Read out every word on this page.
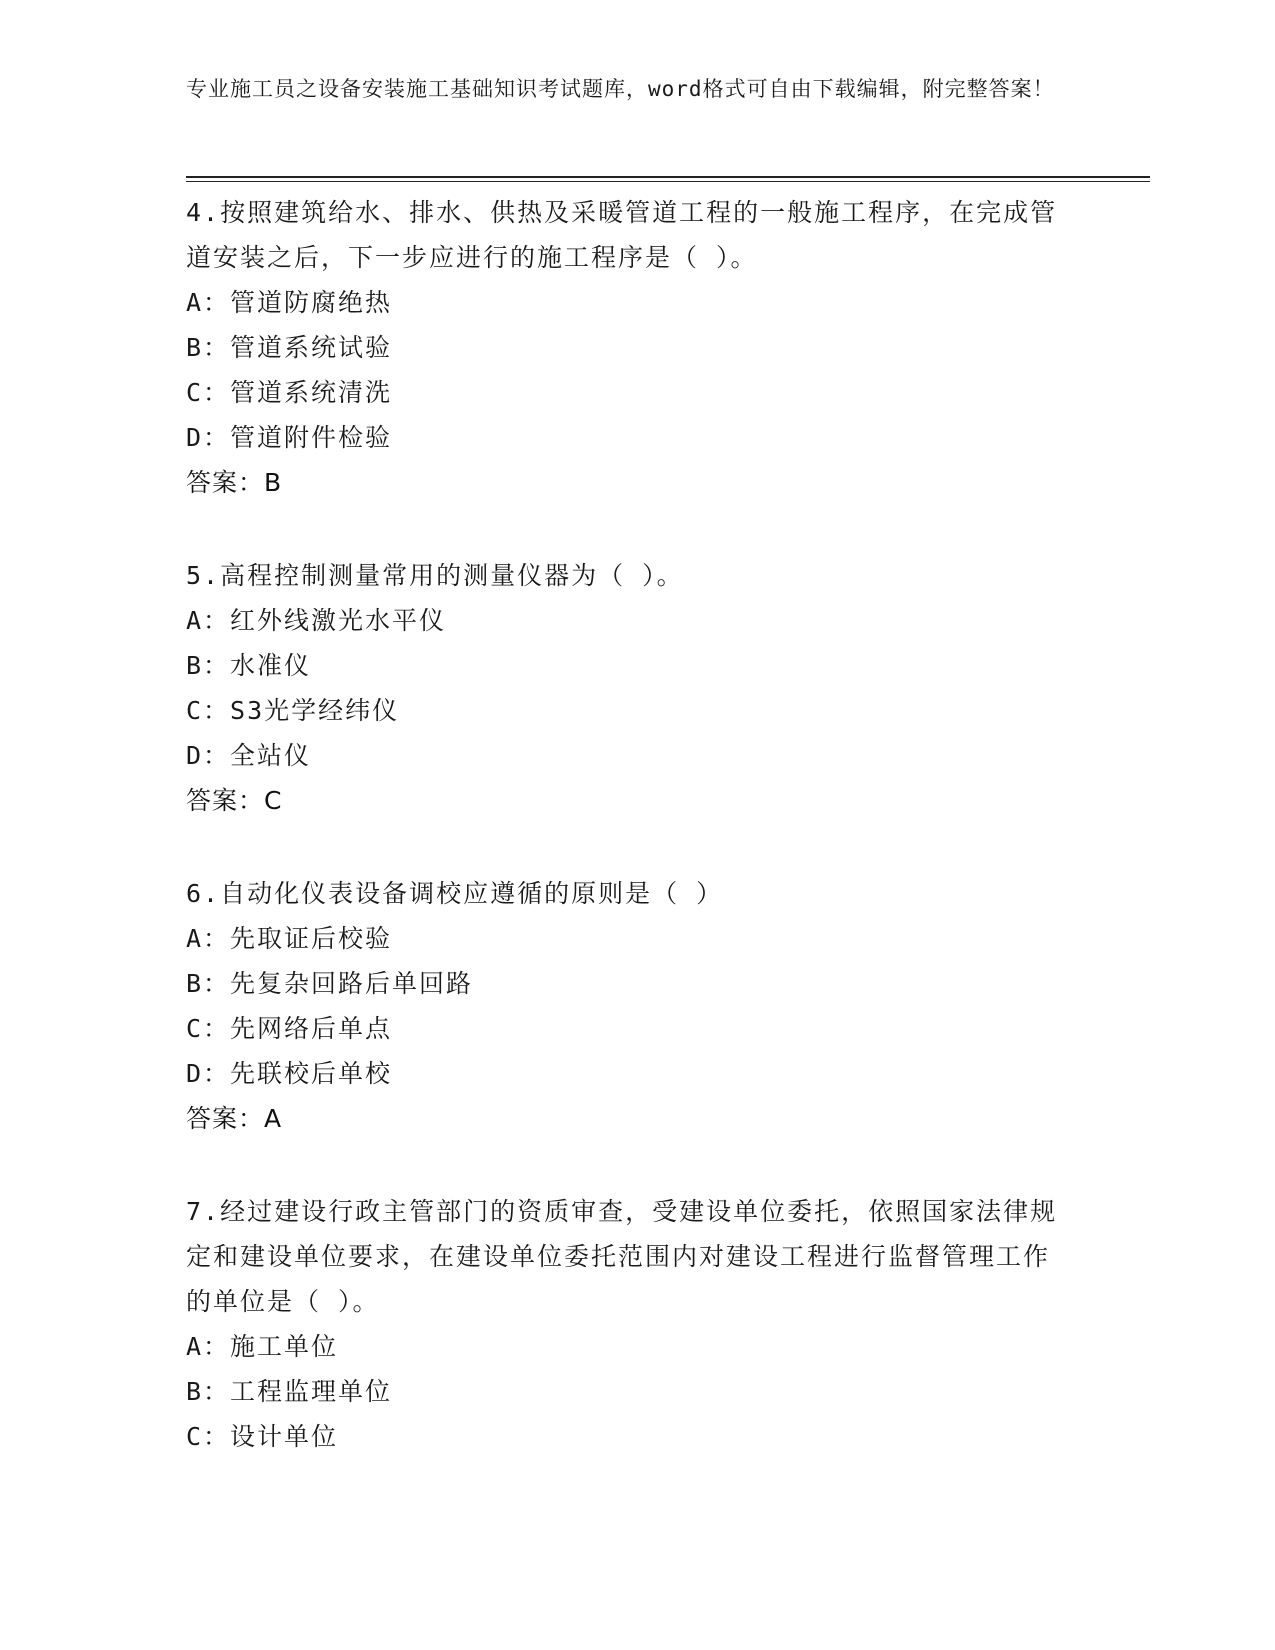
专业施工员之设备安装施工基础知识考试题库，word格式可自由下载编辑，附完整答案！

4.按照建筑给水、排水、供热及采暖管道工程的一般施工程序，在完成管道安装之后，下一步应进行的施工程序是（ ）。

A：管道防腐绝热

B：管道系统试验

C：管道系统清洗

D：管道附件检验

答案：B

5.高程控制测量常用的测量仪器为（ ）。

A：红外线激光水平仪

B：水准仪

C：S3光学经纬仪

D：全站仪

答案：C

6.自动化仪表设备调校应遵循的原则是（ ）

A：先取证后校验

B：先复杂回路后单回路

C：先网络后单点

D：先联校后单校

答案：A

7.经过建设行政主管部门的资质审查，受建设单位委托，依照国家法律规定和建设单位要求，在建设单位委托范围内对建设工程进行监督管理工作的单位是（ ）。

A：施工单位

B：工程监理单位

C：设计单位
